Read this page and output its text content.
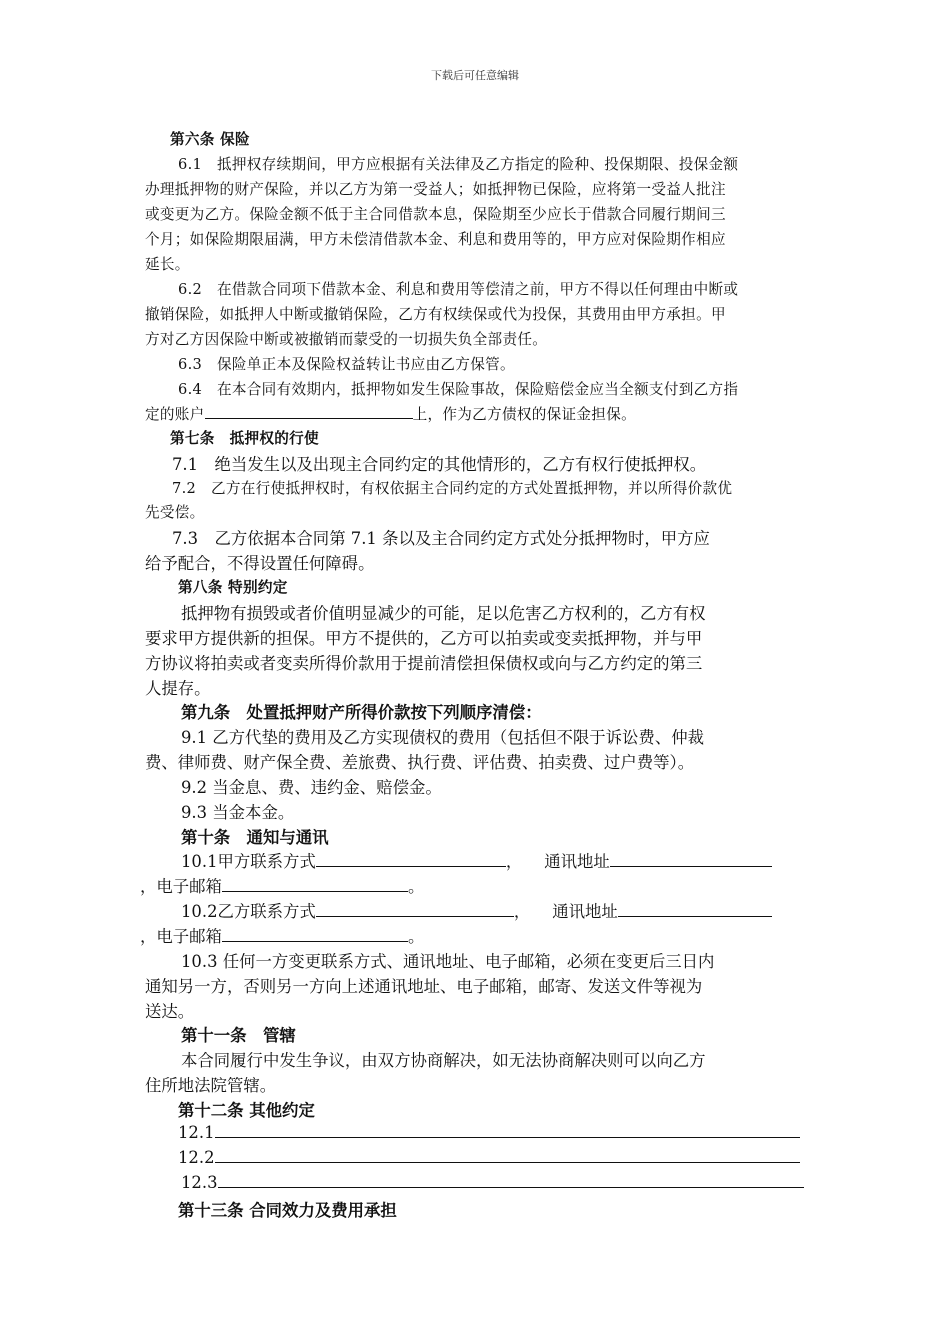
下载后可任意编辑
第六条 保险
6.1　抵押权存续期间，甲方应根据有关法律及乙方指定的险种、投保期限、投保金额
办理抵押物的财产保险，并以乙方为第一受益人；如抵押物已保险，应将第一受益人批注
或变更为乙方。保险金额不低于主合同借款本息，保险期至少应长于借款合同履行期间三
个月；如保险期限届满，甲方未偿清借款本金、利息和费用等的，甲方应对保险期作相应
延长。
6.2　在借款合同项下借款本金、利息和费用等偿清之前，甲方不得以任何理由中断或
撤销保险，如抵押人中断或撤销保险，乙方有权续保或代为投保，其费用由甲方承担。甲
方对乙方因保险中断或被撤销而蒙受的一切损失负全部责任。
6.3　保险单正本及保险权益转让书应由乙方保管。
6.4　在本合同有效期内，抵押物如发生保险事故，保险赔偿金应当全额支付到乙方指
定的账户	上，作为乙方债权的保证金担保。
第七条　抵押权的行使
7.1　绝当发生以及出现主合同约定的其他情形的，乙方有权行使抵押权。
7.2　乙方在行使抵押权时，有权依据主合同约定的方式处置抵押物，并以所得价款优
先受偿。
7.3　乙方依据本合同第 7.1 条以及主合同约定方式处分抵押物时，甲方应
给予配合，不得设置任何障碍。
第八条 特别约定
抵押物有损毁或者价值明显减少的可能，足以危害乙方权利的，乙方有权
要求甲方提供新的担保。甲方不提供的，乙方可以拍卖或变卖抵押物，并与甲
方协议将拍卖或者变卖所得价款用于提前清偿担保债权或向与乙方约定的第三
人提存。
第九条　处置抵押财产所得价款按下列顺序清偿：
9.1 乙方代垫的费用及乙方实现债权的费用（包括但不限于诉讼费、仲裁
费、律师费、财产保全费、差旅费、执行费、评估费、拍卖费、过户费等）。
9.2 当金息、费、违约金、赔偿金。
9.3 当金本金。
第十条　通知与通讯
10.1甲方联系方式	， 通讯地址
，电子邮箱	。
10.2乙方联系方式	， 通讯地址
，电子邮箱	。
10.3 任何一方变更联系方式、通讯地址、电子邮箱，必须在变更后三日内
通知另一方，否则另一方向上述通讯地址、电子邮箱，邮寄、发送文件等视为
送达。
第十一条　管辖
本合同履行中发生争议，由双方协商解决，如无法协商解决则可以向乙方
住所地法院管辖。
第十二条 其他约定
12.1
12.2
12.3
第十三条 合同效力及费用承担
